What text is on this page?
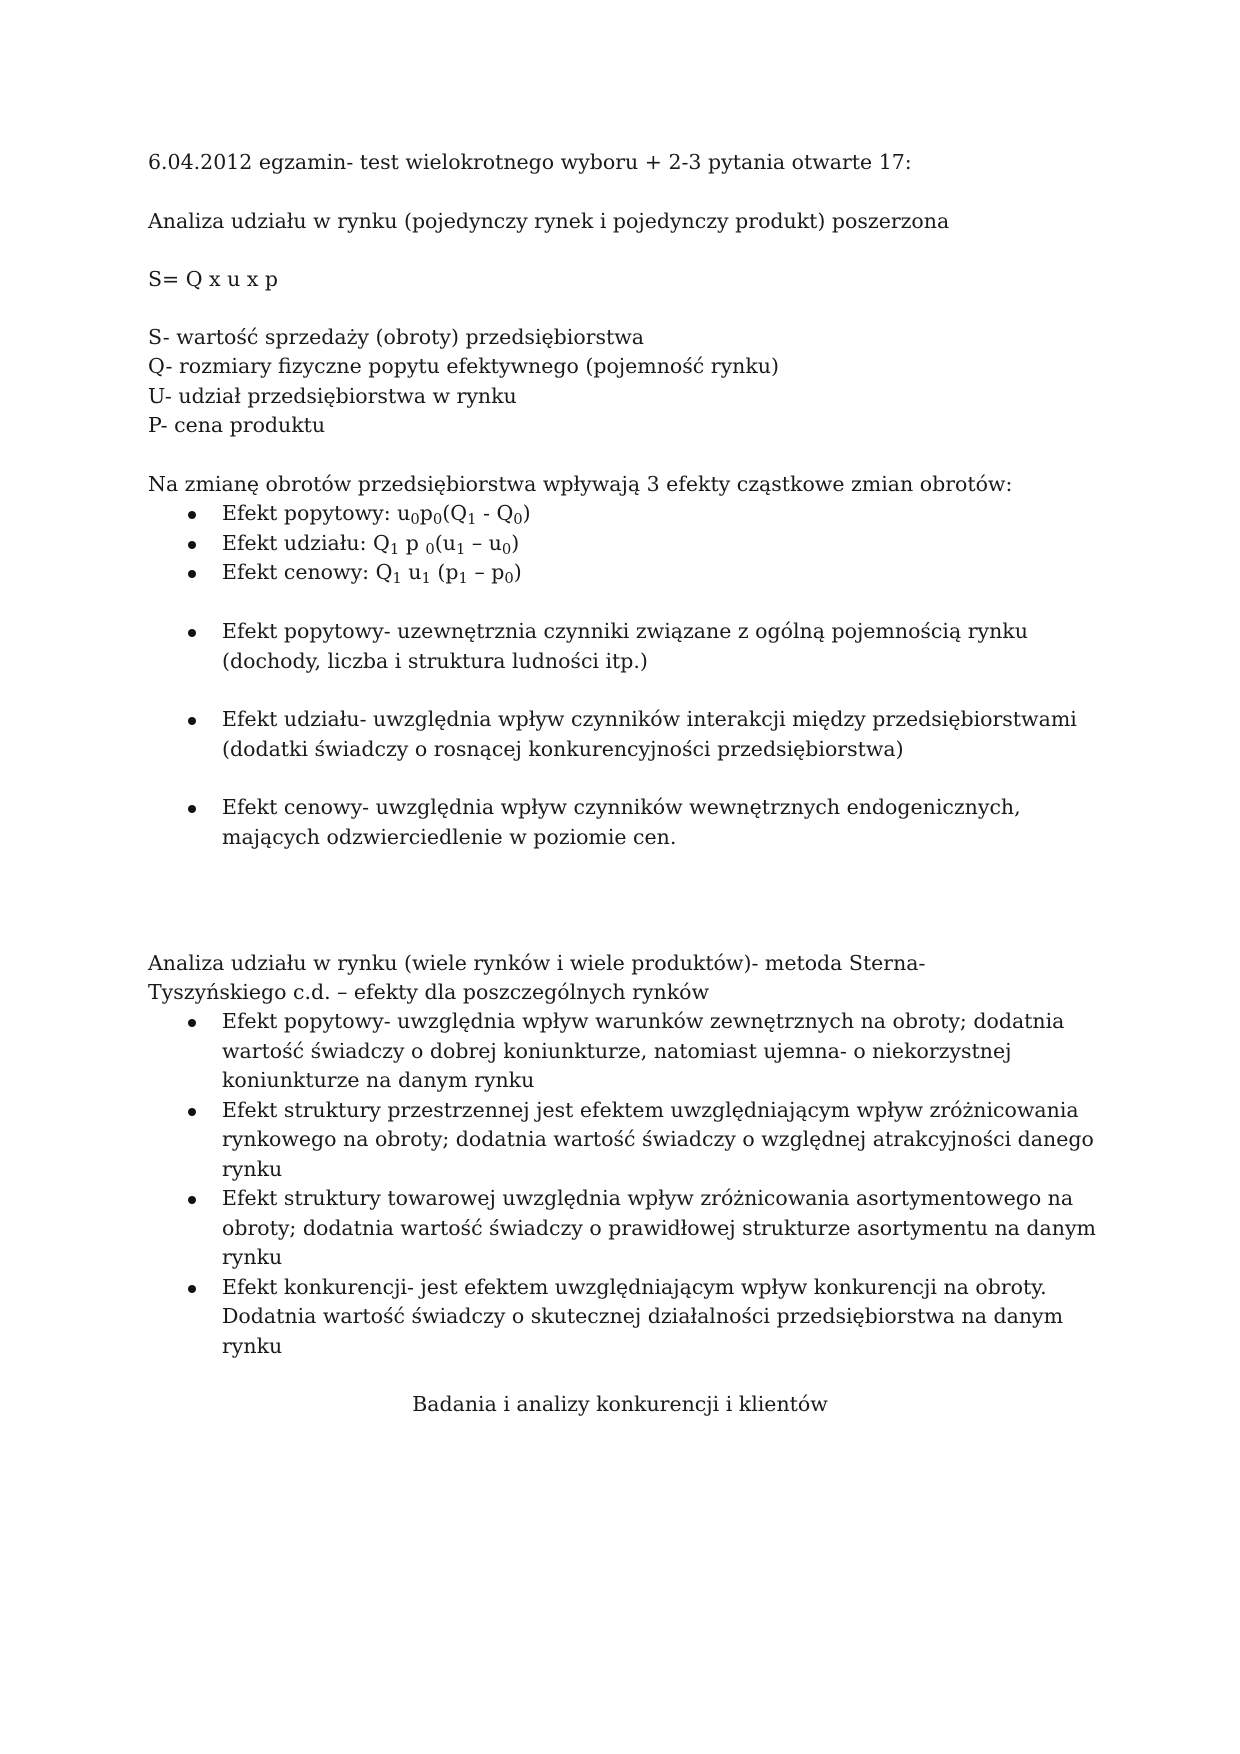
6.04.2012 egzamin- test wielokrotnego wyboru + 2-3 pytania otwarte 17:
Analiza udziału w rynku (pojedynczy rynek i pojedynczy produkt) poszerzona
S= Q x u x p
S- wartość sprzedaży (obroty) przedsiębiorstwa
Q- rozmiary fizyczne popytu efektywnego (pojemność rynku)
U- udział przedsiębiorstwa w rynku
P- cena produktu
Na zmianę obrotów przedsiębiorstwa wpływają 3 efekty cząstkowe zmian obrotów:
Efekt popytowy: $u_0p_0(Q_1 - Q_0)$
Efekt udziału: $Q_1$ p $_0(u_1 - u_0)$
Efekt cenowy: $Q_1$ $u_1$ $(p_1 - p_0)$
Efekt popytowy- uzewnętrznia czynniki związane z ogólną pojemnością rynku (dochody, liczba i struktura ludności itp.)
Efekt udziału- uwzględnia wpływ czynników interakcji między przedsiębiorstwami (dodatki świadczy o rosnącej konkurencyjności przedsiębiorstwa)
Efekt cenowy- uwzględnia wpływ czynników wewnętrznych endogenicznych, mających odzwierciedlenie w poziomie cen.
Analiza udziału w rynku (wiele rynków i wiele produktów)- metoda Sterna-
Tyszyńskiego c.d. – efekty dla poszczególnych rynków
Efekt popytowy- uwzględnia wpływ warunków zewnętrznych na obroty; dodatnia wartość świadczy o dobrej koniunkturze, natomiast ujemna- o niekorzystnej koniunkturze na danym rynku
Efekt struktury przestrzennej jest efektem uwzględniającym wpływ zróżnicowania rynkowego na obroty; dodatnia wartość świadczy o względnej atrakcyjności danego rynku
Efekt struktury towarowej uwzględnia wpływ zróżnicowania asortymentowego na obroty; dodatnia wartość świadczy o prawidłowej strukturze asortymentu na danym rynku
Efekt konkurencji- jest efektem uwzględniającym wpływ konkurencji na obroty. Dodatnia wartość świadczy o skutecznej działalności przedsiębiorstwa na danym rynku
Badania i analizy konkurencji i klientów
